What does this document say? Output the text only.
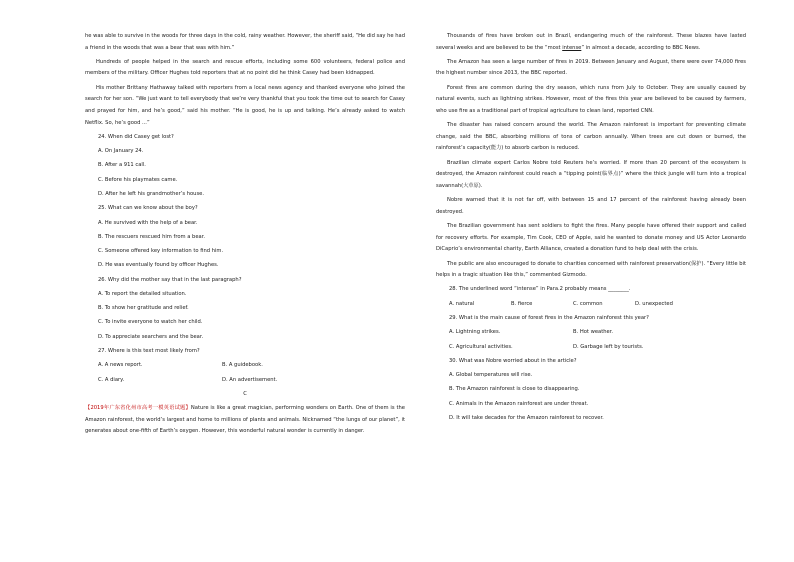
he was able to survive in the woods for three days in the cold, rainy weather. However, the sheriff said, “He did say he had a friend in the woods that was a bear that was with him.”

Hundreds of people helped in the search and rescue efforts, including some 600 volunteers, federal police and members of the military. Officer Hughes told reporters that at no point did he think Casey had been kidnapped.

His mother Brittany Hathaway talked with reporters from a local news agency and thanked everyone who joined the search for her son. “We just want to tell everybody that we’re very thankful that you took the time out to search for Casey and prayed for him, and he’s good,” said his mother. “He is good, he is up and talking. He’s already asked to watch Netflix. So, he’s good ...”

24. When did Casey get lost?
A. On January 24.
B. After a 911 call.
C. Before his playmates came.
D. After he left his grandmother’s house.
25. What can we know about the boy?
A. He survived with the help of a bear.
B. The rescuers rescued him from a bear.
C. Someone offered key information to find him.
D. He was eventually found by officer Hughes.
26. Why did the mother say that in the last paragraph?
A. To report the detailed situation.
B. To show her gratitude and relief.
C. To invite everyone to watch her child.
D. To appreciate searchers and the bear.
27. Where is this text most likely from?
A. A news report.	B. A guidebook.
C. A diary.	D. An advertisement.
C

【2019年广东省化州市高考一模英语试题】Nature is like a great magician, performing wonders on Earth. One of them is the Amazon rainforest, the world’s largest and home to millions of plants and animals. Nicknamed “the lungs of our planet”, it generates about one-fifth of Earth’s oxygen. However, this wonderful natural wonder is currently in danger.

Thousands of fires have broken out in Brazil, endangering much of the rainforest. These blazes have lasted several weeks and are believed to be the “most intense” in almost a decade, according to BBC News.

The Amazon has seen a large number of fires in 2019. Between January and August, there were over 74,000 fires the highest number since 2013, the BBC reported.

Forest fires are common during the dry season, which runs from July to October. They are usually caused by natural events, such as lightning strikes. However, most of the fires this year are believed to be caused by farmers, who use fire as a traditional part of tropical agriculture to clean land, reported CNN.

The disaster has raised concern around the world. The Amazon rainforest is important for preventing climate change, said the BBC, absorbing millions of tons of carbon annually. When trees are cut down or burned, the rainforest’s capacity(能力) to absorb carbon is reduced.

Brazilian climate expert Carlos Nobre told Reuters he’s worried. If more than 20 percent of the ecosystem is destroyed, the Amazon rainforest could reach a “tipping point(临界点)” where the thick jungle will turn into a tropical savannah(大草原).

Nobre warned that it is not far off, with between 15 and 17 percent of the rainforest having already been destroyed.

The Brazilian government has sent soldiers to fight the fires. Many people have offered their support and called for recovery efforts. For example, Tim Cook, CEO of Apple, said he wanted to donate money and US Actor Leonardo DiCaprio’s environmental charity, Earth Alliance, created a donation fund to help deal with the crisis.

The public are also encouraged to donate to charities concerned with rainforest preservation(保护). “Every little bit helps in a tragic situation like this,” commented Gizmodo.

28. The underlined word “intense” in Para.2 probably means ________.
A. natural	B. fierce	C. common	D. unexpected
29. What is the main cause of forest fires in the Amazon rainforest this year?
A. Lightning strikes.	B. Hot weather.
C. Agricultural activities.	D. Garbage left by tourists.
30. What was Nobre worried about in the article?
A. Global temperatures will rise.
B. The Amazon rainforest is close to disappearing.
C. Animals in the Amazon rainforest are under threat.
D. It will take decades for the Amazon rainforest to recover.
